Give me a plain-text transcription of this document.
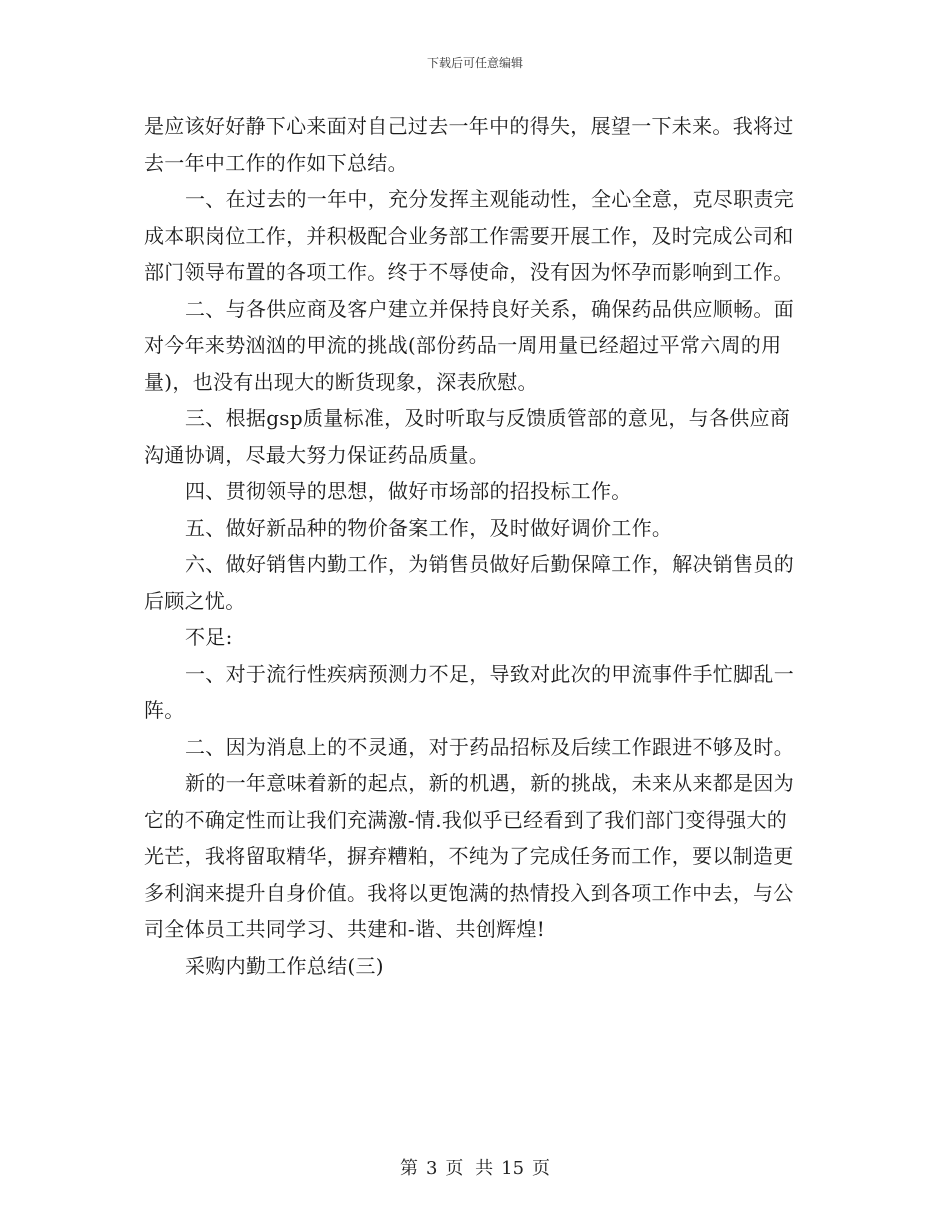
下载后可任意编辑

是应该好好静下心来面对自己过去一年中的得失，展望一下未来。我将过去一年中工作的作如下总结。

一、在过去的一年中，充分发挥主观能动性，全心全意，克尽职责完成本职岗位工作，并积极配合业务部工作需要开展工作，及时完成公司和部门领导布置的各项工作。终于不辱使命，没有因为怀孕而影响到工作。

二、与各供应商及客户建立并保持良好关系，确保药品供应顺畅。面对今年来势汹汹的甲流的挑战(部份药品一周用量已经超过平常六周的用量)，也没有出现大的断货现象，深表欣慰。

三、根据gsp质量标准，及时听取与反馈质管部的意见，与各供应商沟通协调，尽最大努力保证药品质量。

四、贯彻领导的思想，做好市场部的招投标工作。

五、做好新品种的物价备案工作，及时做好调价工作。

六、做好销售内勤工作，为销售员做好后勤保障工作，解决销售员的后顾之忧。

不足:

一、对于流行性疾病预测力不足，导致对此次的甲流事件手忙脚乱一阵。

二、因为消息上的不灵通，对于药品招标及后续工作跟进不够及时。

新的一年意味着新的起点，新的机遇，新的挑战，未来从来都是因为它的不确定性而让我们充满激-情.我似乎已经看到了我们部门变得强大的光芒，我将留取精华，摒弃糟粕，不纯为了完成任务而工作，要以制造更多利润来提升自身价值。我将以更饱满的热情投入到各项工作中去，与公司全体员工共同学习、共建和-谐、共创辉煌!

采购内勤工作总结(三)

第 3 页 共 15 页
